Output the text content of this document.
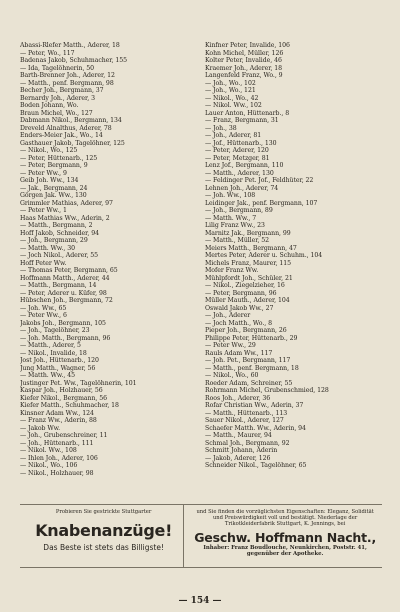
Abassi-Rlefer Matth., Aderer, 18
— Peter, Wo., 117
Badenas Jakob, Schuhmacher, 155
— Ida, Tagelöhnerin, 50
Barth-Brenner Joh., Aderer, 12
— Matth., penf. Bergmann, 98
Becher Joh., Bergmann, 37
Bernardy Joh., Aderer, 3
Boden Johann, Wo.
Braun Michel, Wo., 127
Dabmann Nikol., Bergmann, 134
Dreveld Alnalthus, Aderer, 78
Enders-Meier Jak., Wo., 14
Gasthauer Jakob, Tagelöhner, 125
— Nikol., Wo., 125
— Peter, Hüttenarb., 125
— Peter, Bergmann, 9
— Peter Ww., 9
Geib Joh. Ww., 134
— Jak., Bergmann, 24
Görgen Jak. Ww., 130
Grimmler Mathias, Aderer, 97
— Peter Ww., 1
Haas Mathias Ww., Aderin, 2
— Matth., Bergmann, 2
Hoff Jakob, Schneider, 94
— Joh., Bergmann, 29
— Matth. Ww., 30
— Joch Nikol., Aderer, 55
Hoff Peter Ww.
— Thomas Peter, Bergmann, 65
Hoffmann Matth., Aderer, 44
— Matth., Bergmann, 14
— Peter, Aderer u. Küfer, 98
Hübschen Joh., Bergmann, 72
— Joh. Ww., 65
— Peter Ww., 6
Jakobs Joh., Bergmann, 105
— Joh., Tagelöhner, 23
— Joh. Matth., Bergmann, 96
— Matth., Aderer, 5
— Nikol., Invalide, 18
Jost Joh., Hüttenarb., 120
Jung Matth., Wagner, 56
— Matth. Ww., 45
Justinger Pet. Ww., Tagelöhnerin, 101
Kaspar Joh., Holzhauer, 56
Kiefer Nikol., Bergmann, 56
Kiefer Matth., Schuhmacher, 18
Kinsner Adam Ww., 124
— Franz Ww., Aderin, 88
— Jakob Ww.
— Joh., Grubenschreiner, 11
— Joh., Hüttenarb., 111
— Nikol. Ww., 108
— Ihlen Joh., Aderer, 106
— Nikol., Wo., 106
— Nikol., Holzhauer, 98
Kinfner Peter, Invalide, 106
Kohn Michel, Müller, 126
Kolter Peter, Invalide, 46
Kraemer Joh., Aderer, 18
Langenfeld Franz, Wo., 9
— Joh., Wo., 102
— Joh., Wo., 121
— Nikol., Wo., 42
— Nikol. Ww., 102
Lauer Anton, Hüttenarb., 8
— Franz, Bergmann, 31
— Joh., 38
— Joh., Aderer, 81
— Jof., Hüttenarb., 130
— Peter, Aderer, 120
— Peter, Metzger, 81
Lenz Jof., Bergmann, 110
— Matth., Aderer, 130
— Feldinger Pet. Jof., Feldhüter, 22
Lehnen Joh., Aderer, 74
— Joh. Ww., 108
Leidinger Jak., penf. Bergmann, 107
— Joh., Bergmann, 89
— Matth. Ww., 7
Lilig Franz Ww., 23
Marnitz Jak., Bergmann, 99
— Matth., Müller, 52
Meiers Matth., Bergmann, 47
Mertes Peter, Aderer u. Schuhm., 104
Michels Franz, Maurer, 115
Mofer Franz Ww.
Mühlpfordt Joh., Schüler, 21
— Nikol., Ziegelzieher, 16
— Peter, Bergmann, 96
Müller Mauth., Aderer, 104
Oswald Jakob Ww., 27
— Joh., Aderer
— Joch Matth., Wo., 8
Pieper Joh., Bergmann, 26
Philippe Peter, Hüttenarb., 29
— Peter Ww., 29
Rauls Adam Ww., 117
— Joh. Pet., Bergmann, 117
— Matth., penf. Bergmann, 18
— Nikol., Wo., 60
Roeder Adam, Schreiner, 55
Rohrmann Michel, Grubenschmied, 128
Roos Joh., Aderer, 36
Rofar Christian Ww., Aderin, 37
— Matth., Hüttenarb., 113
Sauer Nikol., Aderer, 127
Schaefer Matth. Ww., Aderin, 94
— Matth., Maurer, 94
Schmal Joh., Bergmann, 92
Schmitt Johann, Aderin
— Jakob, Aderer, 126
Schneider Nikol., Tagelöhner, 65
Probieren Sie gestrickte Stuttgarter
Knabenanzüge!
Das Beste ist stets das Billigste!
und Sie finden die vorzüglichsten Eigenschaften: Eleganz, Solidität und Preiswürdigkeit voll und bestätigt. Niederlage der Trikotkleiderfabrik Stuttgart, K. Jennings, bei
Geschw. Hoffmann Nacht.,
Inhaber: Franz Boudlouche, Neunkirchen, Poststr. 41, gegenüber der Apotheke.
— 154 —
